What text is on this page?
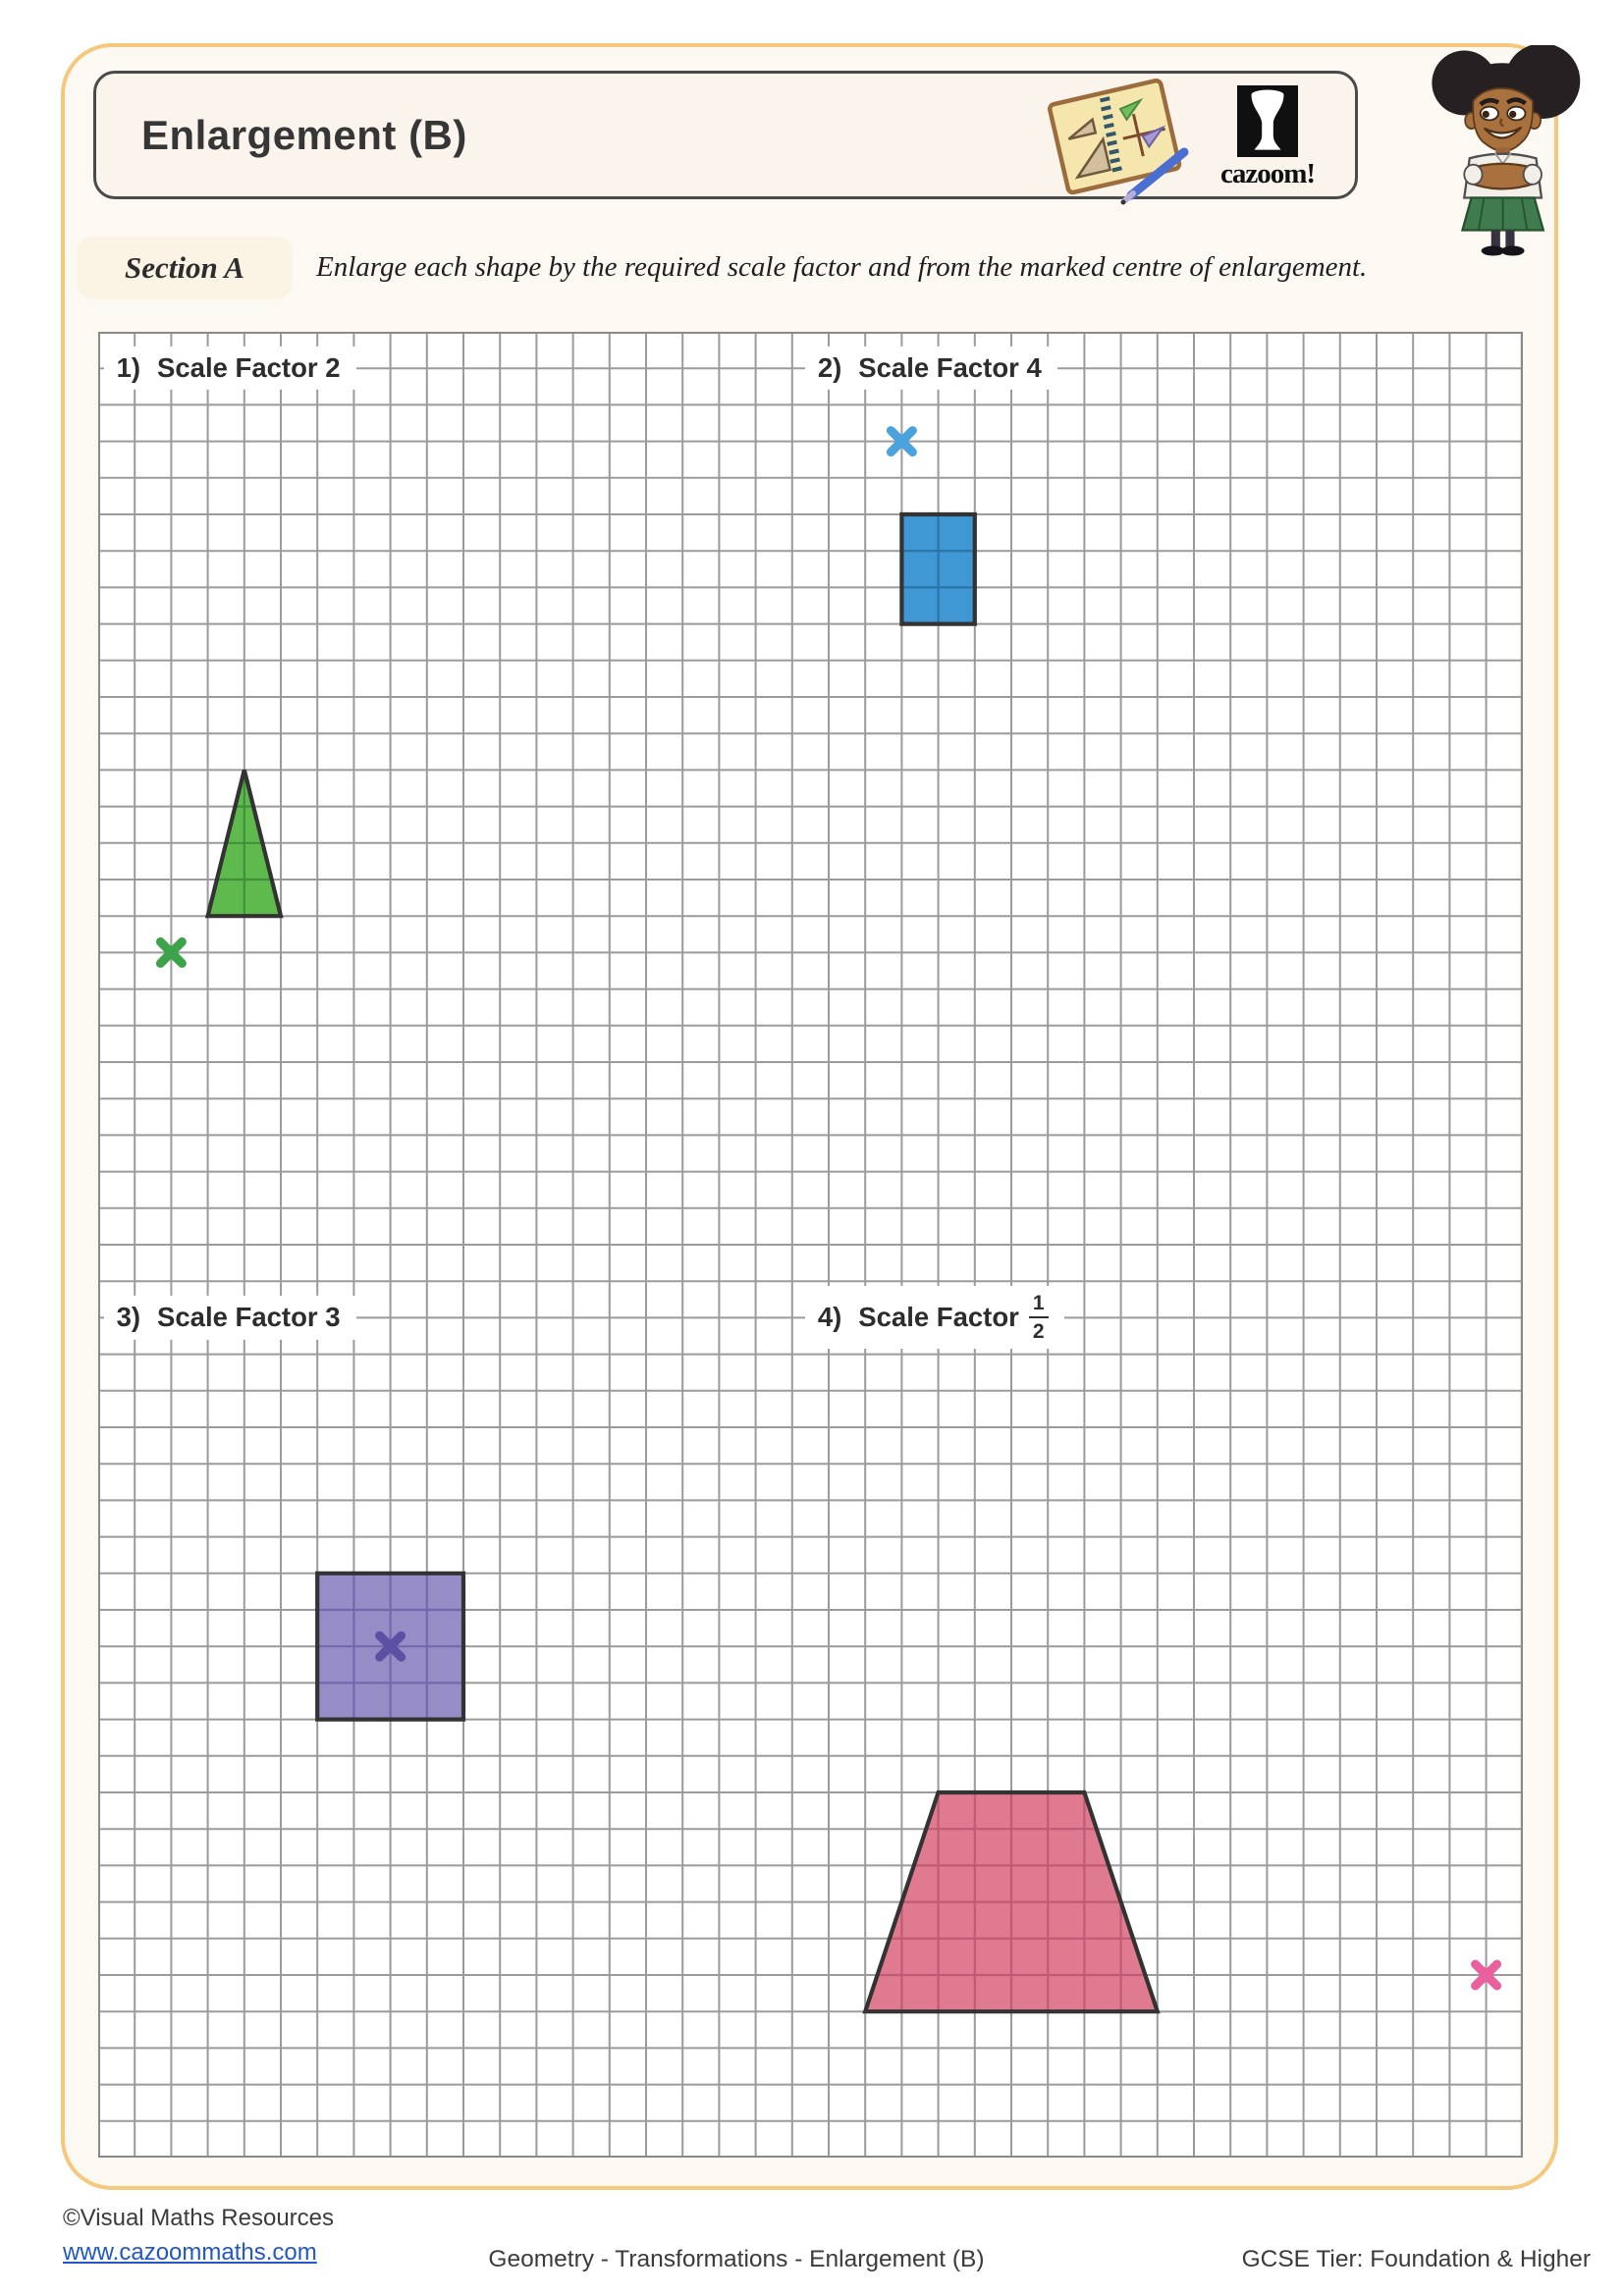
Enlargement (B)
cazoom!
Section A	Enlarge each shape by the required scale factor and from the marked centre of enlargement.
1) Scale Factor 2	2) Scale Factor 4
3) Scale Factor 3	4) Scale Factor $\frac{1}{2}$
©Visual Maths Resources
www.cazoommaths.com	Geometry - Transformations - Enlargement (B)	GCSE Tier: Foundation & Higher
